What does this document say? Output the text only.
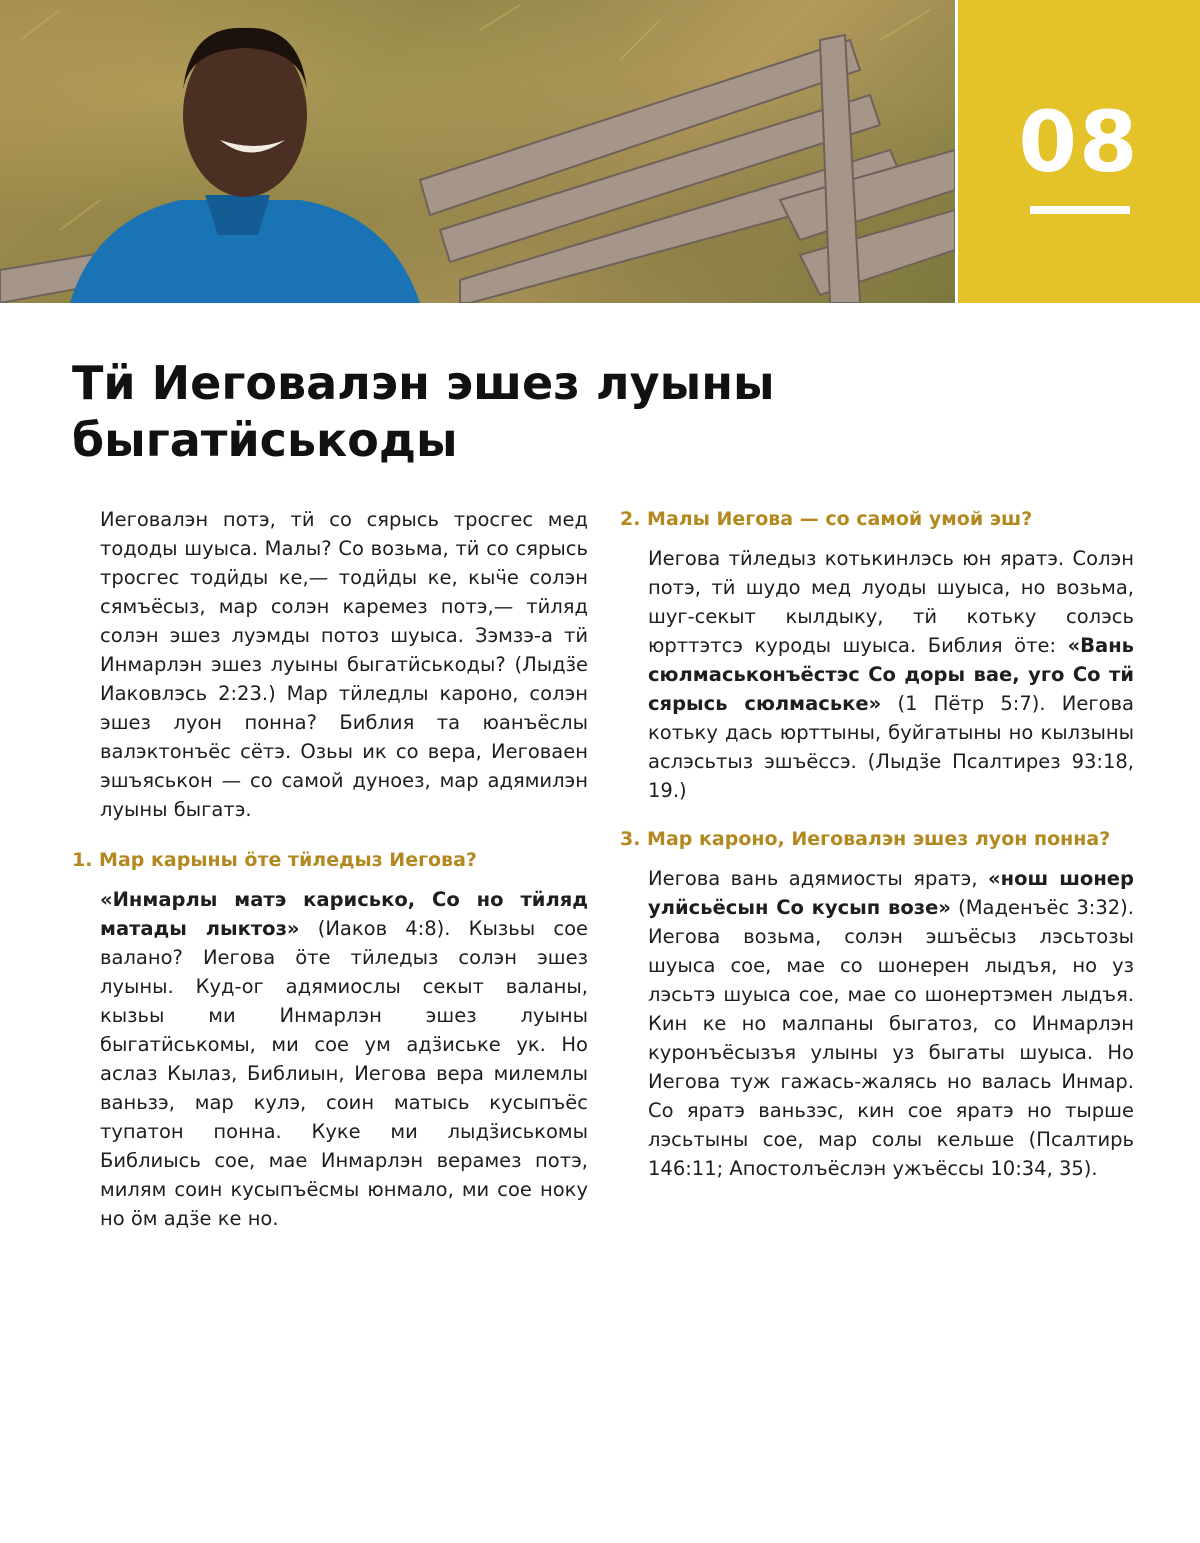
08
Тӥ Иеговалэн эшез луыны быгатӥськоды

Иеговалэн потэ, тӥ со сярысь тросгес мед тододы шуыса. Малы? Со возьма, тӥ со сярысь тросгес тодӥды ке,— тодӥды ке, кыӵе солэн сямъёсыз, мар солэн каремез потэ,— тӥляд солэн эшез луэмды потоз шуыса. Зэмзэ-а тӥ Инмарлэн эшез луыны быгатӥськоды? (Лыдӟе Иаковлэсь 2:23.) Мар тӥледлы кароно, солэн эшез луон понна? Библия та юанъёслы валэктонъёс сётэ. Озьы ик со вера, Иеговаен эшъяськон — со самой дуноез, мар адямилэн луыны быгатэ.

1. Мар карыны ӧте тӥледыз Иегова?

«Инмарлы матэ карисько, Со но тӥляд матады лыктоз» (Иаков 4:8). Кызьы сое валано? Иегова ӧте тӥледыз солэн эшез луыны. Куд-ог адямиослы секыт валаны, кызьы ми Инмарлэн эшез луыны быгатӥськомы, ми сое ум адӟиське ук. Но аслаз Кылаз, Библиын, Иегова вера милемлы ваньзэ, мар кулэ, соин матысь кусыпъёс тупатон понна. Куке ми лыдӟиськомы Библиысь сое, мае Инмарлэн верамез потэ, милям соин кусыпъёсмы юнмало, ми сое ноку но ӧм адӟе ке но.

2. Малы Иегова — со самой умой эш?

Иегова тӥледыз котькинлэсь юн яратэ. Солэн потэ, тӥ шудо мед луоды шуыса, но возьма, шуг-секыт кылдыку, тӥ котьку солэсь юрттэтсэ куроды шуыса. Библия ӧте: «Вань сюлмаськонъёстэс Со доры вае, уго Со тӥ сярысь сюлмаське» (1 Пётр 5:7). Иегова котьку дась юрттыны, буйгатыны но кылзыны аслэсьтыз эшъёссэ. (Лыдӟе Псалтирез 93:18, 19.)

3. Мар кароно, Иеговалэн эшез луон понна?

Иегова вань адямиосты яратэ, «нош шонер улӥсьёсын Со кусып возе» (Маденъёс 3:32). Иегова возьма, солэн эшъёсыз лэсьтозы шуыса сое, мае со шонерен лыдъя, но уз лэсьтэ шуыса сое, мае со шонертэмен лыдъя. Кин ке но малпаны быгатоз, со Инмарлэн куронъёсызъя улыны уз быгаты шуыса. Но Иегова туж гажась-жалясь но валась Инмар. Со яратэ ваньзэс, кин сое яратэ но тырше лэсьтыны сое, мар солы кельше (Псалтирь 146:11; Апостолъёслэн ужъёссы 10:34, 35).
